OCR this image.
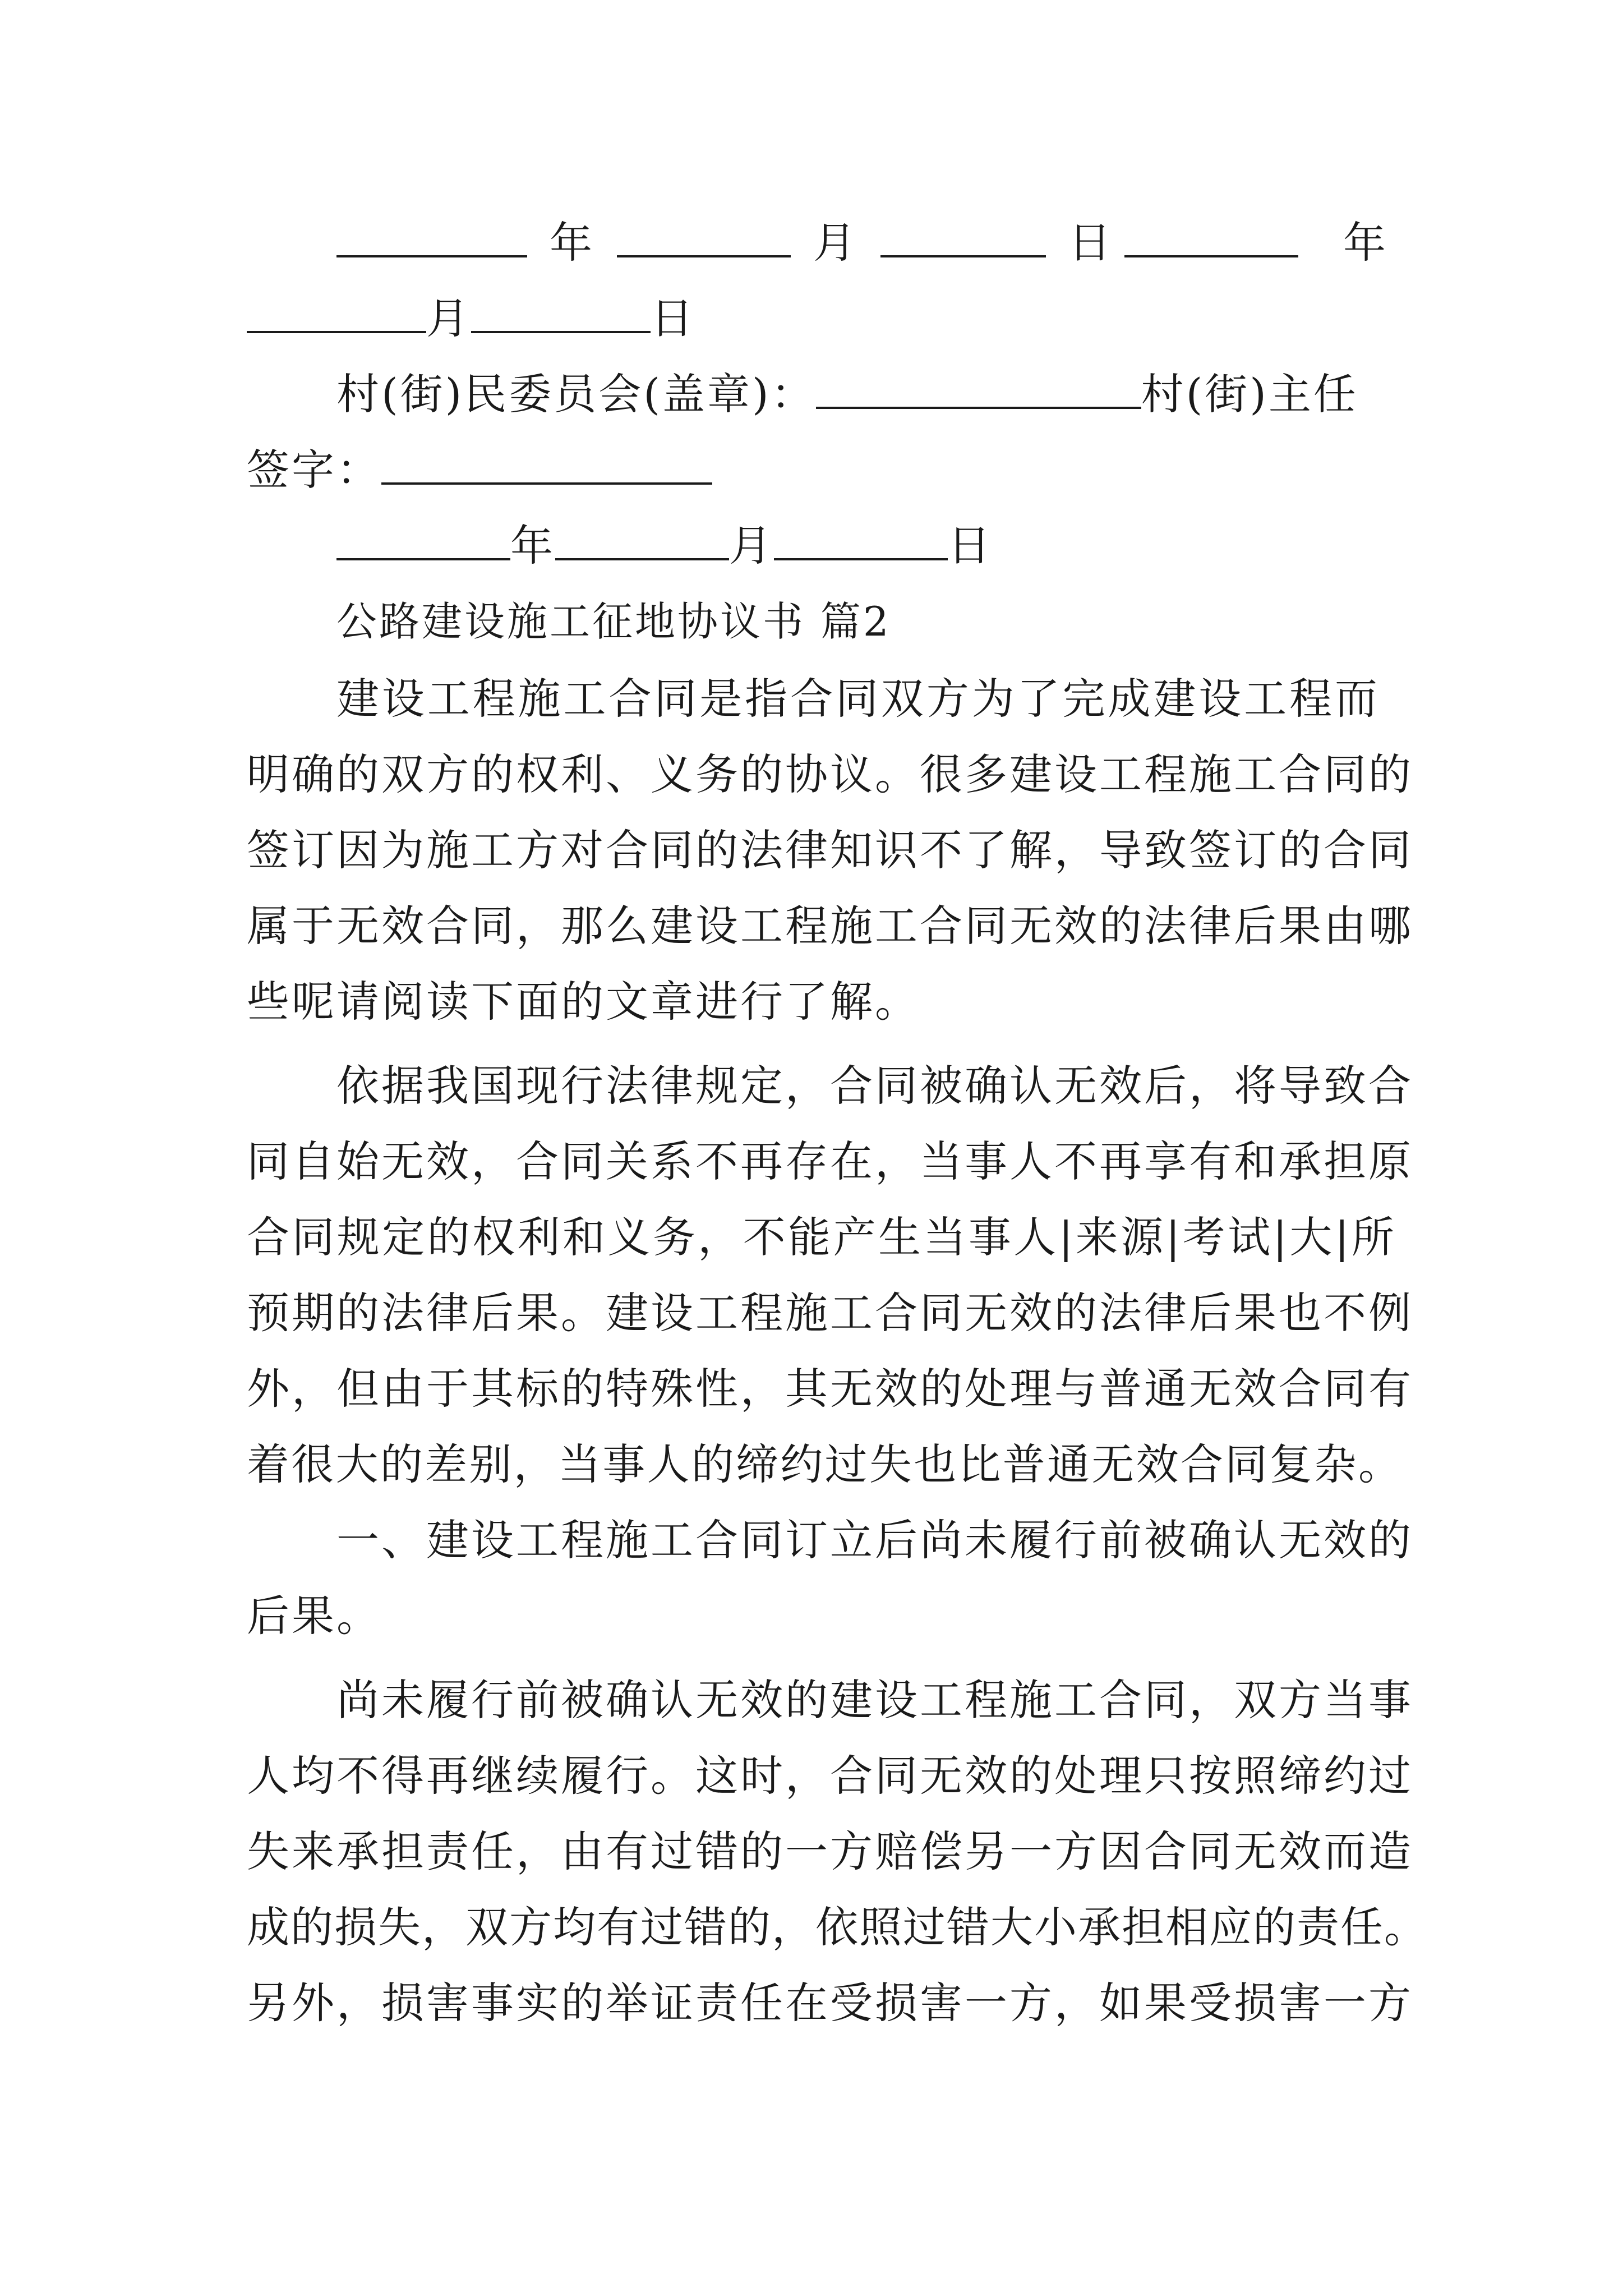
年	月	日	年
月	日
村(街)民委员会(盖章)：	村(街)主任
签字：
年	月	日
公路建设施工征地协议书 篇2
建设工程施工合同是指合同双方为了完成建设工程而
明确的双方的权利、义务的协议。很多建设工程施工合同的
签订因为施工方对合同的法律知识不了解，导致签订的合同
属于无效合同，那么建设工程施工合同无效的法律后果由哪
些呢请阅读下面的文章进行了解。
依据我国现行法律规定，合同被确认无效后，将导致合
同自始无效，合同关系不再存在，当事人不再享有和承担原
合同规定的权利和义务，不能产生当事人|来源|考试|大|所
预期的法律后果。建设工程施工合同无效的法律后果也不例
外，但由于其标的特殊性，其无效的处理与普通无效合同有
着很大的差别，当事人的缔约过失也比普通无效合同复杂。
一、建设工程施工合同订立后尚未履行前被确认无效的
后果。
尚未履行前被确认无效的建设工程施工合同，双方当事
人均不得再继续履行。这时，合同无效的处理只按照缔约过
失来承担责任，由有过错的一方赔偿另一方因合同无效而造
成的损失，双方均有过错的，依照过错大小承担相应的责任。
另外，损害事实的举证责任在受损害一方，如果受损害一方
